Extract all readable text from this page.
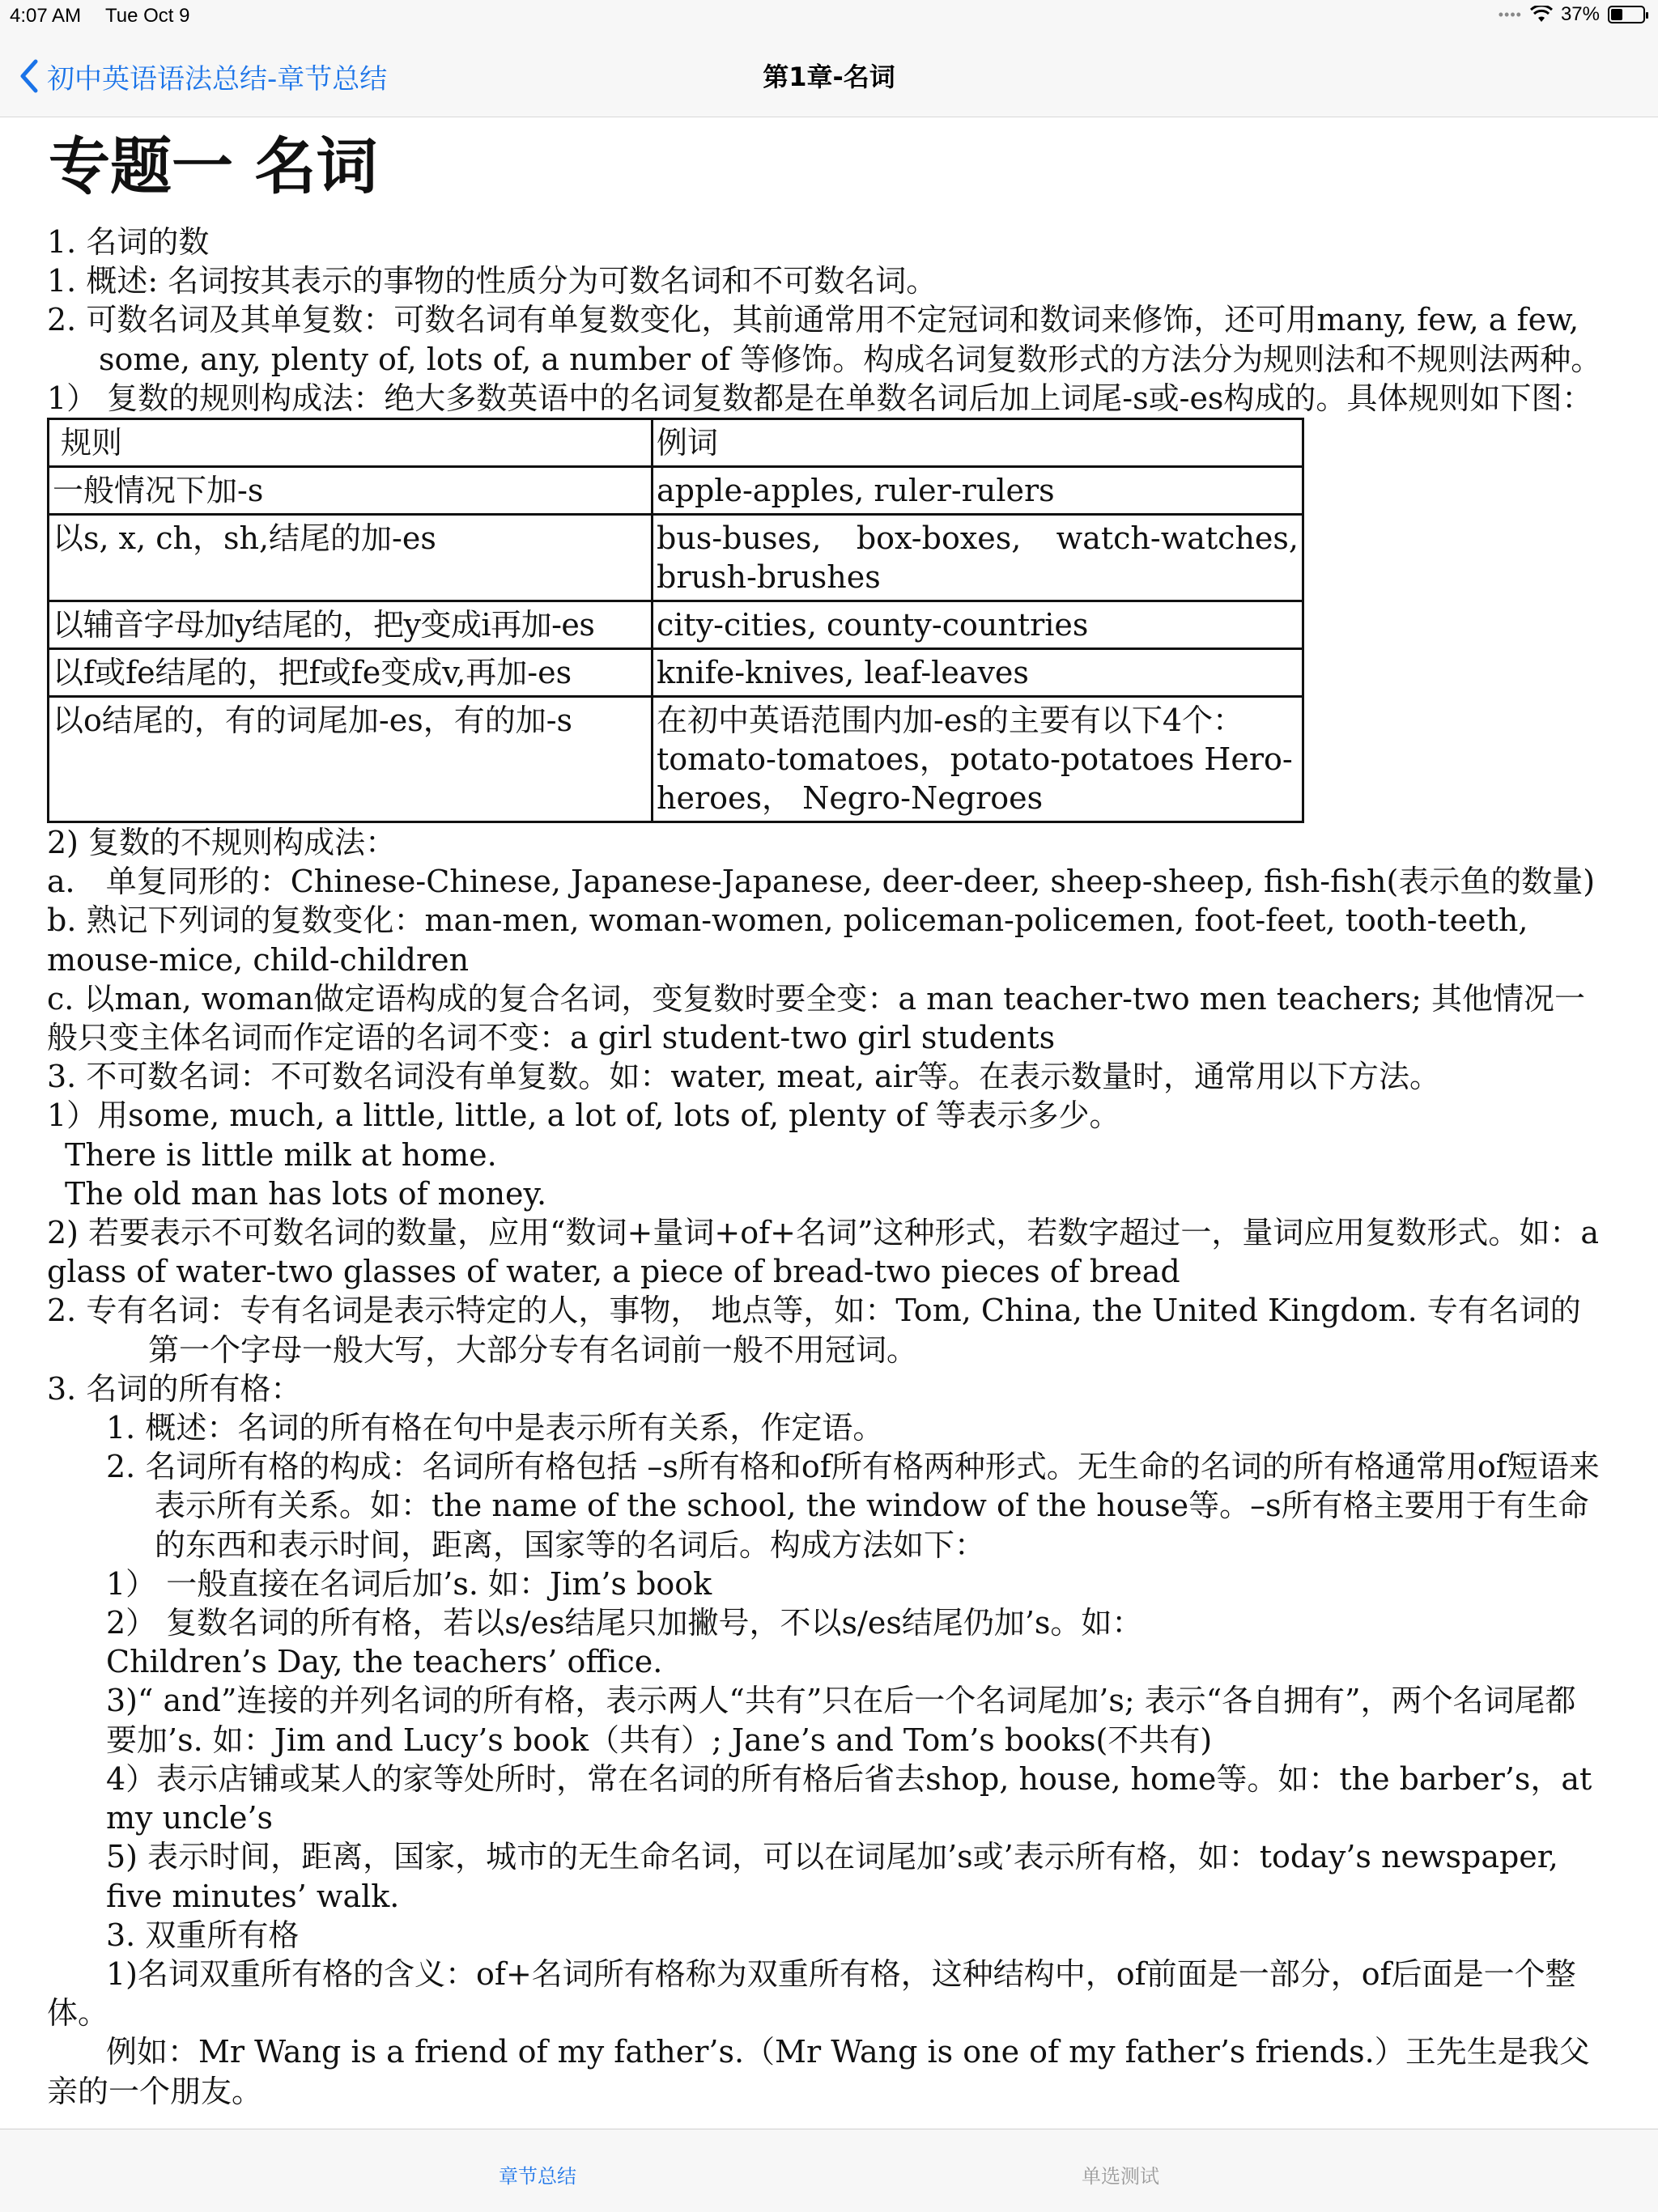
4:07 AM Tue Oct 9	•••• 37%
初中英语语法总结-章节总结	第1章-名词
专题一 名词

1. 名词的数

1. 概述: 名词按其表示的事物的性质分为可数名词和不可数名词。

2. 可数名词及其单复数：可数名词有单复数变化，其前通常用不定冠词和数词来修饰，还可用many, few, a few, some, any, plenty of, lots of, a number of 等修饰。构成名词复数形式的方法分为规则法和不规则法两种。

1） 复数的规则构成法：绝大多数英语中的名词复数都是在单数名词后加上词尾-s或-es构成的。具体规则如下图：

规则	例词
一般情况下加-s	apple-apples, ruler-rulers
以s, x, ch，sh,结尾的加-es	bus-buses, box-boxes, watch-watches, brush-brushes
以辅音字母加y结尾的，把y变成i再加-es	city-cities, county-countries
以f或fe结尾的，把f或fe变成v,再加-es	knife-knives, leaf-leaves
以o结尾的，有的词尾加-es，有的加-s	在初中英语范围内加-es的主要有以下4个：tomato-tomatoes，potato-potatoes Hero-heroes， Negro-Negroes

2) 复数的不规则构成法：

a． 单复同形的：Chinese-Chinese, Japanese-Japanese, deer-deer, sheep-sheep, fish-fish(表示鱼的数量)

b. 熟记下列词的复数变化：man-men, woman-women, policeman-policemen, foot-feet, tooth-teeth, mouse-mice, child-children

c. 以man, woman做定语构成的复合名词，变复数时要全变：a man teacher-two men teachers; 其他情况一般只变主体名词而作定语的名词不变：a girl student-two girl students

3. 不可数名词：不可数名词没有单复数。如：water, meat, air等。在表示数量时，通常用以下方法。

1）用some, much, a little, little, a lot of, lots of, plenty of 等表示多少。

There is little milk at home.

The old man has lots of money.

2) 若要表示不可数名词的数量，应用“数词+量词+of+名词”这种形式，若数字超过一，量词应用复数形式。如：a glass of water-two glasses of water, a piece of bread-two pieces of bread

2. 专有名词：专有名词是表示特定的人，事物， 地点等，如：Tom, China, the United Kingdom. 专有名词的第一个字母一般大写，大部分专有名词前一般不用冠词。

3. 名词的所有格：

1. 概述：名词的所有格在句中是表示所有关系，作定语。

2. 名词所有格的构成：名词所有格包括 –s所有格和of所有格两种形式。无生命的名词的所有格通常用of短语来表示所有关系。如：the name of the school, the window of the house等。–s所有格主要用于有生命的东西和表示时间，距离，国家等的名词后。构成方法如下：

1） 一般直接在名词后加’s. 如：Jim’s book

2） 复数名词的所有格，若以s/es结尾只加撇号，不以s/es结尾仍加’s。如：

Children’s Day, the teachers’ office.

3)“ and”连接的并列名词的所有格，表示两人“共有”只在后一个名词尾加’s; 表示“各自拥有”，两个名词尾都要加’s. 如：Jim and Lucy’s book（共有）; Jane’s and Tom’s books(不共有)

4）表示店铺或某人的家等处所时，常在名词的所有格后省去shop, house, home等。如：the barber’s，at my uncle’s

5) 表示时间，距离，国家，城市的无生命名词，可以在词尾加’s或’表示所有格，如：today’s newspaper, five minutes’ walk.

3. 双重所有格

1)名词双重所有格的含义：of+名词所有格称为双重所有格，这种结构中，of前面是一部分，of后面是一个整体。

例如：Mr Wang is a friend of my father’s.（Mr Wang is one of my father’s friends.）王先生是我父亲的一个朋友。

章节总结	单选测试
